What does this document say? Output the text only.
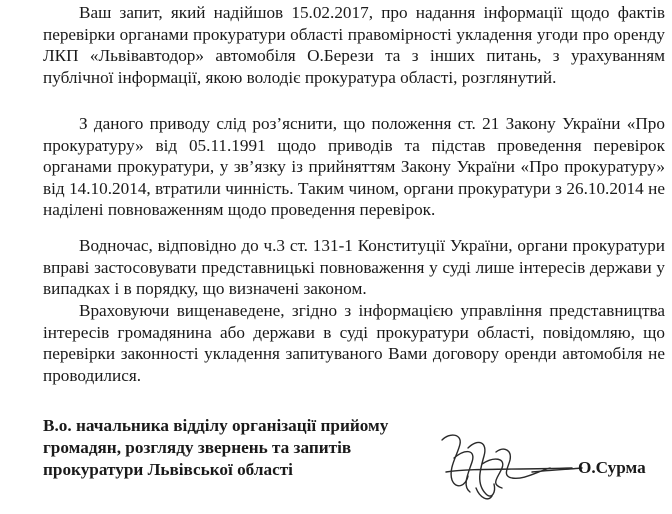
Ваш запит, який надійшов 15.02.2017, про надання інформації щодо фактів перевірки органами прокуратури області правомірності укладення угоди про оренду ЛКП «Львівавтодор» автомобіля О.Берези та з інших питань, з урахуванням публічної інформації, якою володіє прокуратура області, розглянутий.

З даного приводу слід роз’яснити, що положення ст. 21 Закону України «Про прокуратуру» від 05.11.1991 щодо приводів та підстав проведення перевірок органами прокуратури, у зв’язку із прийняттям Закону України «Про прокуратуру» від 14.10.2014, втратили чинність. Таким чином, органи прокуратури з 26.10.2014 не наділені повноваженням щодо проведення перевірок.

Водночас, відповідно до ч.3 ст. 131-1 Конституції України, органи прокуратури вправі застосовувати представницькі повноваження у суді лише інтересів держави у випадках і в порядку, що визначені законом.

Враховуючи вищенаведене, згідно з інформацією управління представництва інтересів громадянина або держави в суді прокуратури області, повідомляю, що перевірки законності укладення запитуваного Вами договору оренди автомобіля не проводилися.

В.о. начальника відділу організації прийому
громадян, розгляду звернень та запитів
прокуратури Львівської області	О.Сурма
